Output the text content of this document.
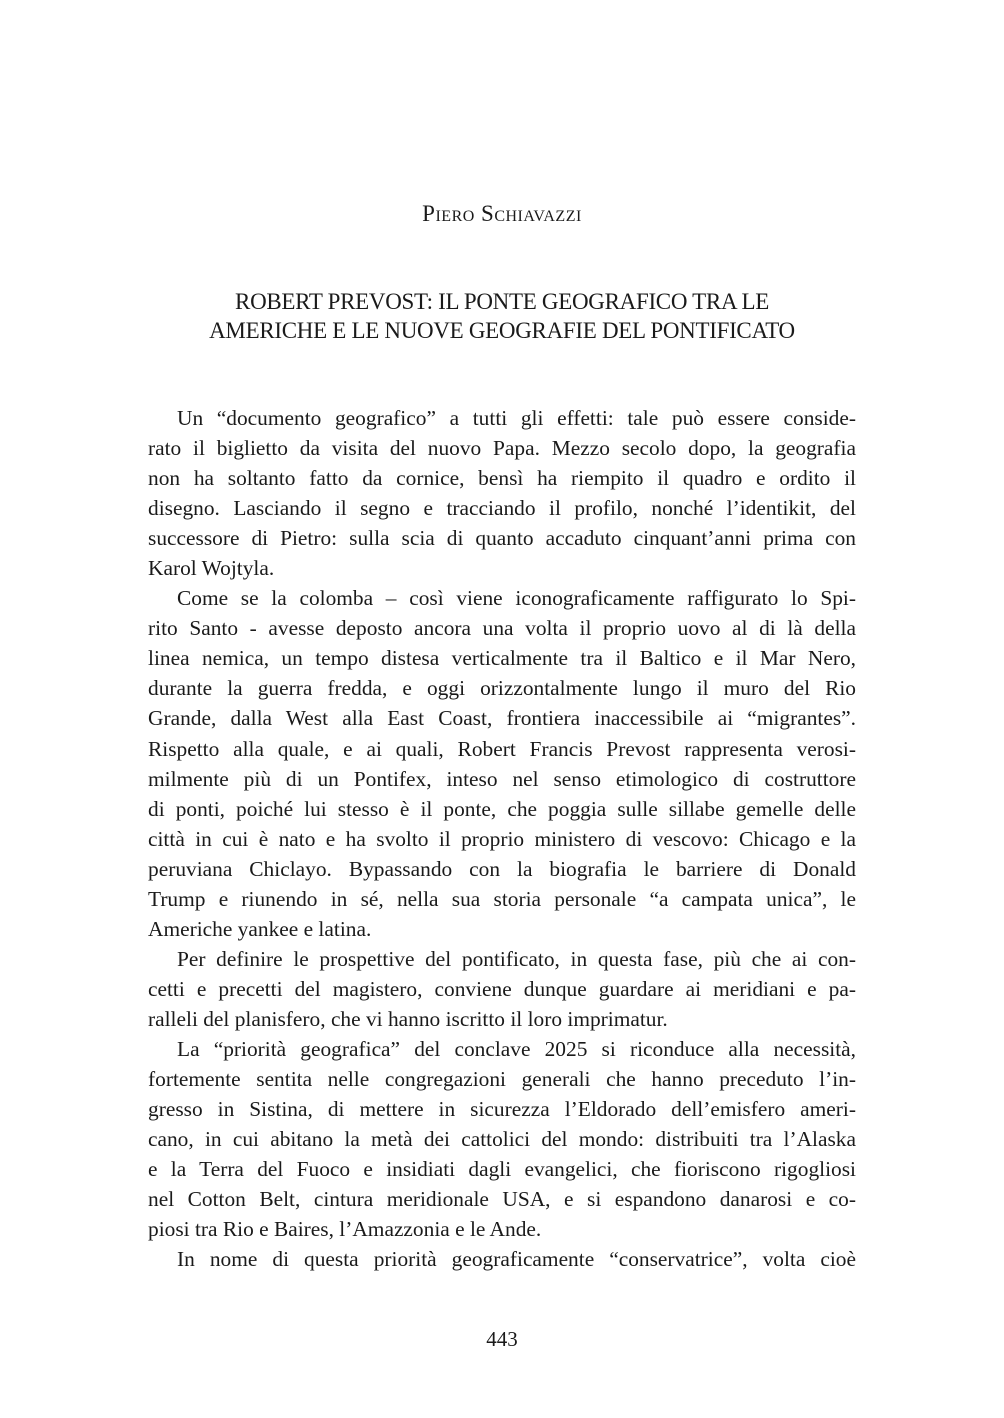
Piero Schiavazzi
ROBERT PREVOST: IL PONTE GEOGRAFICO TRA LE
AMERICHE E LE NUOVE GEOGRAFIE DEL PONTIFICATO
Un “documento geografico” a tutti gli effetti: tale può essere conside-
rato il biglietto da visita del nuovo Papa. Mezzo secolo dopo, la geografia
non ha soltanto fatto da cornice, bensì ha riempito il quadro e ordito il
disegno. Lasciando il segno e tracciando il profilo, nonché l’identikit, del
successore di Pietro: sulla scia di quanto accaduto cinquant’anni prima con
Karol Wojtyla.
Come se la colomba – così viene iconograficamente raffigurato lo Spi-
rito Santo - avesse deposto ancora una volta il proprio uovo al di là della
linea nemica, un tempo distesa verticalmente tra il Baltico e il Mar Nero,
durante la guerra fredda, e oggi orizzontalmente lungo il muro del Rio
Grande, dalla West alla East Coast, frontiera inaccessibile ai “migrantes”.
Rispetto alla quale, e ai quali, Robert Francis Prevost rappresenta verosi-
milmente più di un Pontifex, inteso nel senso etimologico di costruttore
di ponti, poiché lui stesso è il ponte, che poggia sulle sillabe gemelle delle
città in cui è nato e ha svolto il proprio ministero di vescovo: Chicago e la
peruviana Chiclayo. Bypassando con la biografia le barriere di Donald
Trump e riunendo in sé, nella sua storia personale “a campata unica”, le
Americhe yankee e latina.
Per definire le prospettive del pontificato, in questa fase, più che ai con-
cetti e precetti del magistero, conviene dunque guardare ai meridiani e pa-
ralleli del planisfero, che vi hanno iscritto il loro imprimatur.
La “priorità geografica” del conclave 2025 si riconduce alla necessità,
fortemente sentita nelle congregazioni generali che hanno preceduto l’in-
gresso in Sistina, di mettere in sicurezza l’Eldorado dell’emisfero ameri-
cano, in cui abitano la metà dei cattolici del mondo: distribuiti tra l’Alaska
e la Terra del Fuoco e insidiati dagli evangelici, che fioriscono rigogliosi
nel Cotton Belt, cintura meridionale USA, e si espandono danarosi e co-
piosi tra Rio e Baires, l’Amazzonia e le Ande.
In nome di questa priorità geograficamente “conservatrice”, volta cioè
443
